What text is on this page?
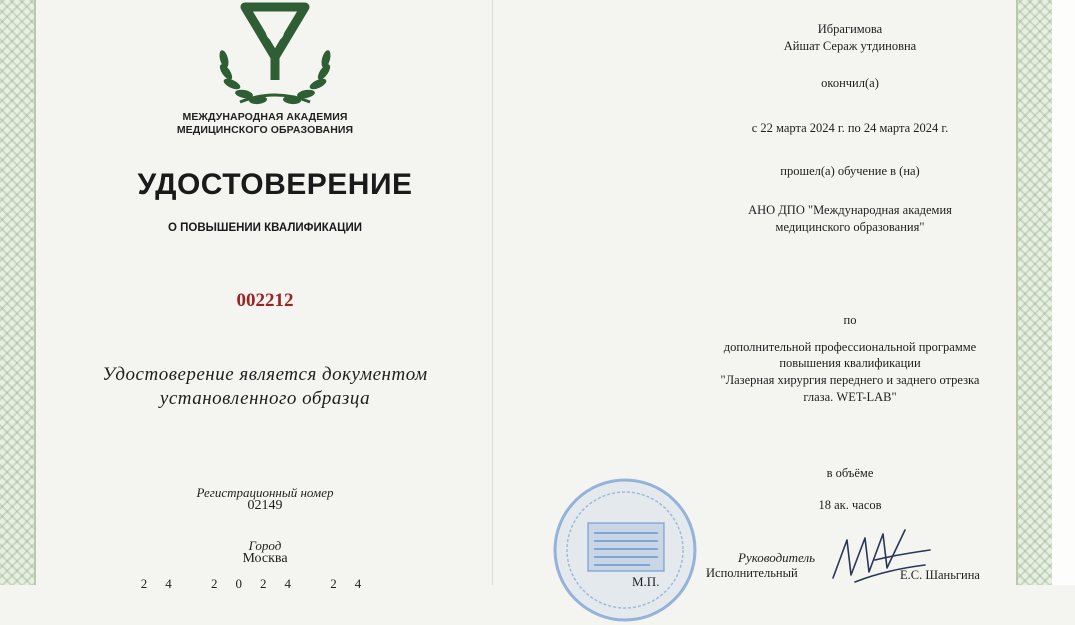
МЕЖДУНАРОДНАЯ АКАДЕМИЯ
МЕДИЦИНСКОГО ОБРАЗОВАНИЯ
УДОСТОВЕРЕНИЕ
О ПОВЫШЕНИИ КВАЛИФИКАЦИИ
002212
Удостоверение является документом
установленного образца
Регистрационный номер
02149
Город
Москва
24 2024 24
Ибрагимова
Айшат Сераж утдиновна
окончил(а)
с 22 марта 2024 г. по 24 марта 2024 г.
прошел(а) обучение в (на)
АНО ДПО "Международная академия
медицинского образования"
по
дополнительной профессиональной программе
повышения квалификации
"Лазерная хирургия переднего и заднего отрезка
глаза. WET-LAB"
в объёме
18 ак. часов
М.П.
Руководитель
Исполнительный	Е.С. Шаньгина
